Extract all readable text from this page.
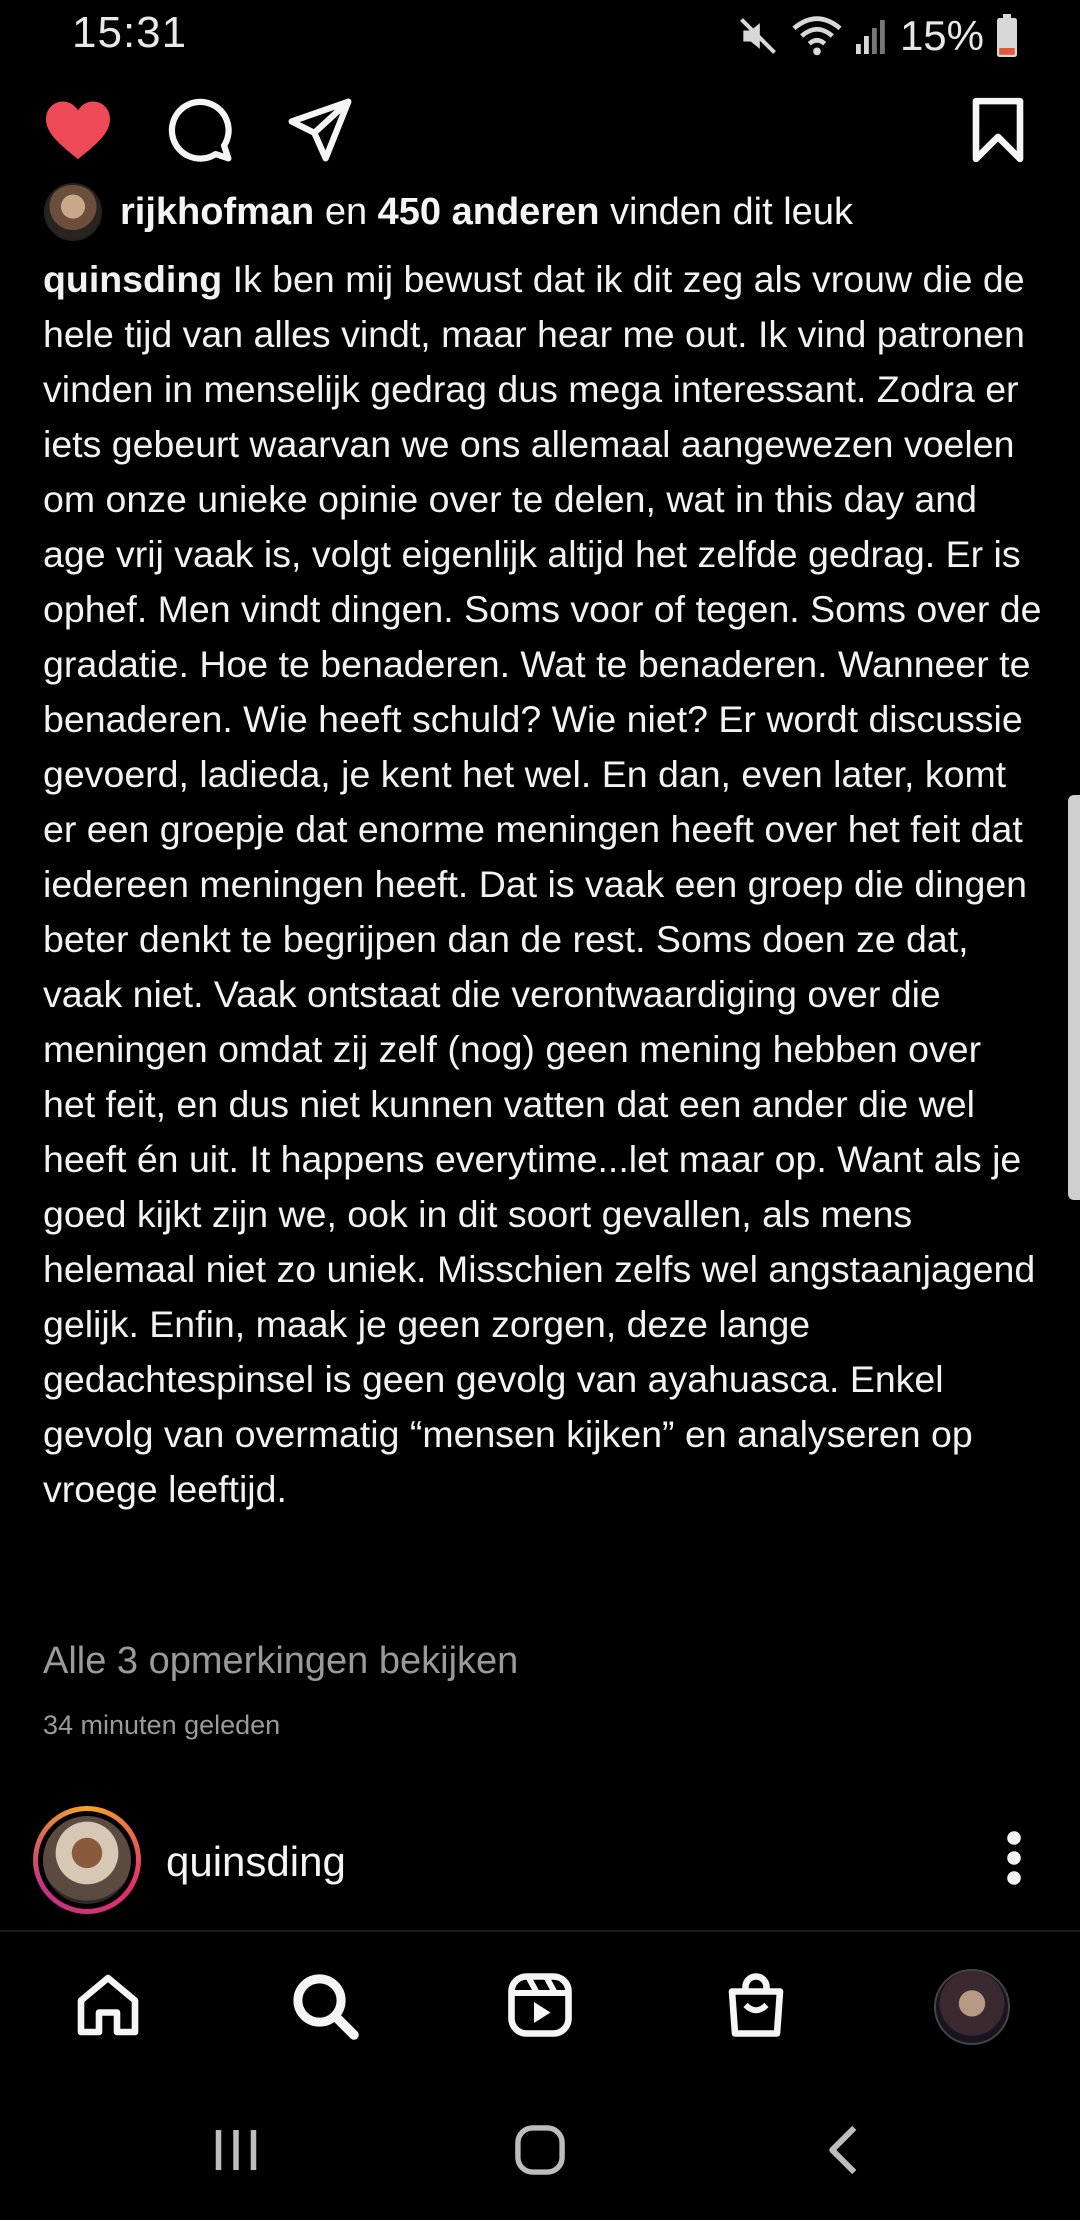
15:31	15%
rijkhofman en 450 anderen vinden dit leuk
quinsding Ik ben mij bewust dat ik dit zeg als vrouw die de hele tijd van alles vindt, maar hear me out. Ik vind patronen vinden in menselijk gedrag dus mega interessant. Zodra er iets gebeurt waarvan we ons allemaal aangewezen voelen om onze unieke opinie over te delen, wat in this day and age vrij vaak is, volgt eigenlijk altijd het zelfde gedrag. Er is ophef. Men vindt dingen. Soms voor of tegen. Soms over de gradatie. Hoe te benaderen. Wat te benaderen. Wanneer te benaderen. Wie heeft schuld? Wie niet? Er wordt discussie gevoerd, ladieda, je kent het wel. En dan, even later, komt er een groepje dat enorme meningen heeft over het feit dat iedereen meningen heeft. Dat is vaak een groep die dingen beter denkt te begrijpen dan de rest. Soms doen ze dat, vaak niet. Vaak ontstaat die verontwaardiging over die meningen omdat zij zelf (nog) geen mening hebben over het feit, en dus niet kunnen vatten dat een ander die wel heeft én uit. It happens everytime...let maar op. Want als je goed kijkt zijn we, ook in dit soort gevallen, als mens helemaal niet zo uniek. Misschien zelfs wel angstaanjagend gelijk. Enfin, maak je geen zorgen, deze lange gedachtespinsel is geen gevolg van ayahuasca. Enkel gevolg van overmatig “mensen kijken” en analyseren op vroege leeftijd.
Alle 3 opmerkingen bekijken
34 minuten geleden
quinsding
